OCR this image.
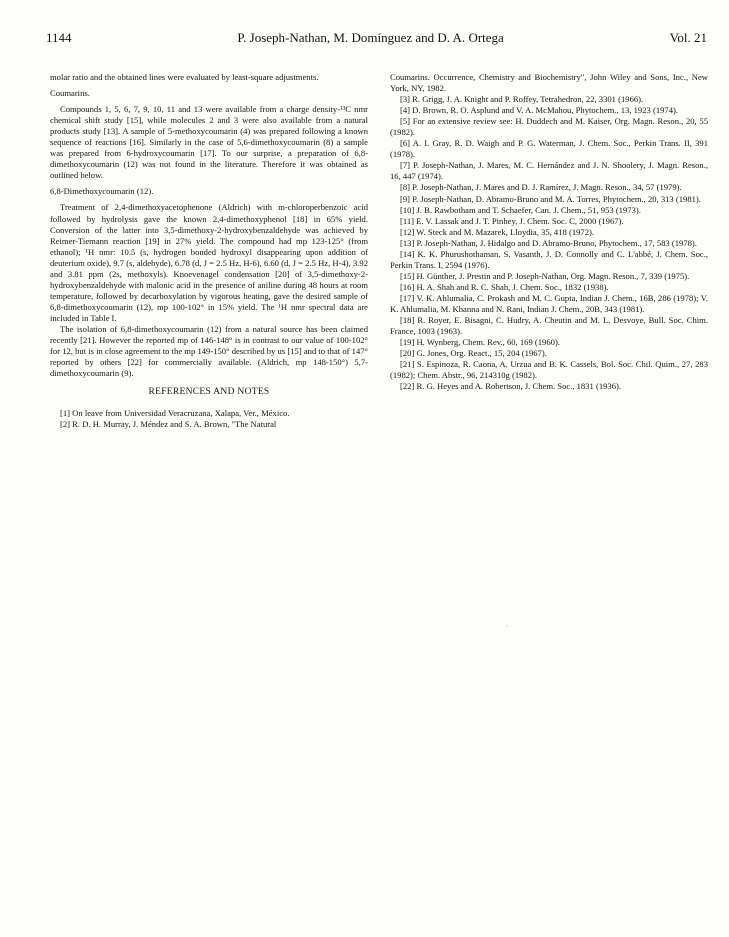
1144	P. Joseph-Nathan, M. Domínguez and D. A. Ortega	Vol. 21

molar ratio and the obtained lines were evaluated by least-square adjustments.

Coumarins.

Compounds 1, 5, 6, 7, 9, 10, 11 and 13 were available from a charge density-¹³C nmr chemical shift study [15], while molecules 2 and 3 were also available from a natural products study [13]. A sample of 5-methoxycoumarin (4) was prepared following a known sequence of reactions [16]. Similarly in the case of 5,6-dimethoxycoumarin (8) a sample was prepared from 6-hydroxycoumarin [17]. To our surprise, a preparation of 6,8-dimethoxycoumarin (12) was not found in the literature. Therefore it was obtained as outlined below.

6,8-Dimethoxycoumarin (12).

Treatment of 2,4-dimethoxyacetophenone (Aldrich) with m-chloroperbenzoic acid followed by hydrolysis gave the known 2,4-dimethoxyphenol [18] in 65% yield. Conversion of the latter into 3,5-dimethoxy-2-hydroxybenzaldehyde was achieved by Reimer-Tiemann reaction [19] in 27% yield. The compound had mp 123-125° (from ethanol); ¹H nmr: 10.5 (s, hydrogen bonded hydroxyl disappearing upon addition of deuterium oxide), 9.7 (s, aldehyde), 6.78 (d, J = 2.5 Hz, H-6), 6.60 (d, J = 2.5 Hz, H-4), 3.92 and 3.81 ppm (2s, methoxyls). Knoevenagel condensation [20] of 3,5-dimethoxy-2-hydroxybenzaldehyde with malonic acid in the presence of aniline during 48 hours at room temperature, followed by decarboxylation by vigorous heating, gave the desired sample of 6,8-dimethoxycoumarin (12), mp 100-102° in 15% yield. The ¹H nmr spectral data are included in Table I.

The isolation of 6,8-dimethoxycoumarin (12) from a natural source has been claimed recently [21]. However the reported mp of 146-148° is in contrast to our value of 100-102° for 12, but is in close agreement to the mp 149-150° described by us [15] and to that of 147° reported by others [22] for commercially available. (Aldrich, mp 148-150°) 5,7-dimethoxycoumarin (9).

REFERENCES AND NOTES

[1] On leave from Universidad Veracruzana, Xalapa, Ver., México.

[2] R. D. H. Murray, J. Méndez and S. A. Brown, "The Natural

Coumarins. Occurrence, Chemistry and Biochemistry", John Wiley and Sons, Inc., New York, NY, 1982.

[3] R. Grigg, J. A. Knight and P. Roffey, Tetrahedron, 22, 3301 (1966).

[4] D. Brown, R. O. Asplund and V. A. McMahou, Phytochem., 13, 1923 (1974).

[5] For an extensive review see: H. Duddech and M. Kaiser, Org. Magn. Reson., 20, 55 (1982).

[6] A. I. Gray, R. D. Waigh and P. G. Waterman, J. Chem. Soc., Perkin Trans. II, 391 (1978).

[7] P. Joseph-Nathan, J. Mares, M. C. Hernández and J. N. Shoolery, J. Magn. Reson., 16, 447 (1974).

[8] P. Joseph-Nathan, J. Mares and D. J. Ramírez, J. Magn. Reson., 34, 57 (1979).

[9] P. Joseph-Nathan, D. Abramo-Bruno and M. A. Torres, Phytochem., 20, 313 (1981).

[10] J. B. Rawbotham and T. Schaefer, Can. J. Chem., 51, 953 (1973).

[11] E. V. Lassak and J. T. Pinhey, J. Chem. Soc. C, 2000 (1967).

[12] W. Steck and M. Mazarek, Lloydia, 35, 418 (1972).

[13] P. Joseph-Nathan, J. Hidalgo and D. Abramo-Bruno, Phytochem., 17, 583 (1978).

[14] K. K. Phurushothaman, S. Vasanth, J. D. Connolly and C. L'abbé, J. Chem. Soc., Perkin Trans. I, 2594 (1976).

[15] H. Günther, J. Prestin and P. Joseph-Nathan, Org. Magn. Reson., 7, 339 (1975).

[16] H. A. Shah and R. C. Shah, J. Chem. Soc., 1832 (1938).

[17] V. K. Ahlumalia, C. Prokash and M. C. Gupta, Indian J. Chem., 16B, 286 (1978); V. K. Ahlumalia, M. Khanna and N. Rani, Indian J. Chem., 20B, 343 (1981).

[18] R. Royer, E. Bisagni, C. Hudry, A. Cheutin and M. L. Desvoye, Bull. Soc. Chim. France, 1003 (1963).

[19] H. Wynberg, Chem. Rev., 60, 169 (1960).

[20] G. Jones, Org. React., 15, 204 (1967).

[21] S. Espinoza, R. Caona, A. Urzua and B. K. Cassels, Bol. Soc. Chil. Quim., 27, 283 (1982); Chem. Abstr., 96, 214310g (1982).

[22] R. G. Heyes and A. Robertson, J. Chem. Soc., 1831 (1936).

·
